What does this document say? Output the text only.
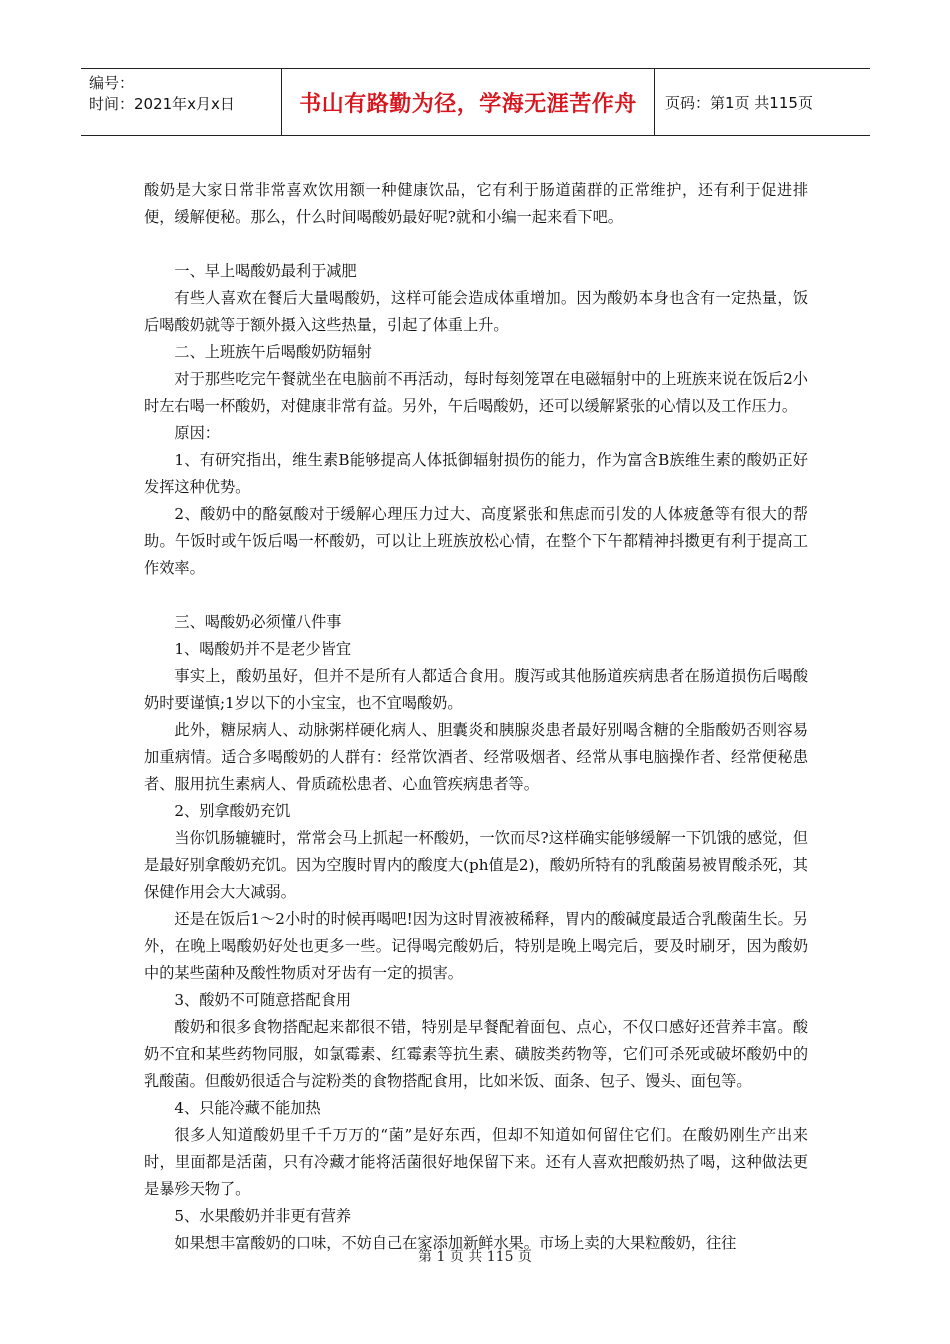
编号：
时间：2021年x月x日	书山有路勤为径，学海无涯苦作舟	页码：第1页 共115页

酸奶是大家日常非常喜欢饮用额一种健康饮品，它有利于肠道菌群的正常维护，还有利于促进排便，缓解便秘。那么，什么时间喝酸奶最好呢?就和小编一起来看下吧。

一、早上喝酸奶最利于减肥

有些人喜欢在餐后大量喝酸奶，这样可能会造成体重增加。因为酸奶本身也含有一定热量，饭后喝酸奶就等于额外摄入这些热量，引起了体重上升。

二、上班族午后喝酸奶防辐射

对于那些吃完午餐就坐在电脑前不再活动，每时每刻笼罩在电磁辐射中的上班族来说在饭后2小时左右喝一杯酸奶，对健康非常有益。另外，午后喝酸奶，还可以缓解紧张的心情以及工作压力。

原因：

1、有研究指出，维生素B能够提高人体抵御辐射损伤的能力，作为富含B族维生素的酸奶正好发挥这种优势。

2、酸奶中的酪氨酸对于缓解心理压力过大、高度紧张和焦虑而引发的人体疲惫等有很大的帮助。午饭时或午饭后喝一杯酸奶，可以让上班族放松心情，在整个下午都精神抖擞更有利于提高工作效率。

三、喝酸奶必须懂八件事

1、喝酸奶并不是老少皆宜

事实上，酸奶虽好，但并不是所有人都适合食用。腹泻或其他肠道疾病患者在肠道损伤后喝酸奶时要谨慎;1岁以下的小宝宝，也不宜喝酸奶。

此外，糖尿病人、动脉粥样硬化病人、胆囊炎和胰腺炎患者最好别喝含糖的全脂酸奶否则容易加重病情。适合多喝酸奶的人群有：经常饮酒者、经常吸烟者、经常从事电脑操作者、经常便秘患者、服用抗生素病人、骨质疏松患者、心血管疾病患者等。

2、别拿酸奶充饥

当你饥肠辘辘时，常常会马上抓起一杯酸奶，一饮而尽?这样确实能够缓解一下饥饿的感觉，但是最好别拿酸奶充饥。因为空腹时胃内的酸度大(ph值是2)，酸奶所特有的乳酸菌易被胃酸杀死，其保健作用会大大减弱。

还是在饭后1～2小时的时候再喝吧!因为这时胃液被稀释，胃内的酸碱度最适合乳酸菌生长。另外，在晚上喝酸奶好处也更多一些。记得喝完酸奶后，特别是晚上喝完后，要及时刷牙，因为酸奶中的某些菌种及酸性物质对牙齿有一定的损害。

3、酸奶不可随意搭配食用

酸奶和很多食物搭配起来都很不错，特别是早餐配着面包、点心，不仅口感好还营养丰富。酸奶不宜和某些药物同服，如氯霉素、红霉素等抗生素、磺胺类药物等，它们可杀死或破坏酸奶中的乳酸菌。但酸奶很适合与淀粉类的食物搭配食用，比如米饭、面条、包子、馒头、面包等。

4、只能冷藏不能加热

很多人知道酸奶里千千万万的“菌”是好东西，但却不知道如何留住它们。在酸奶刚生产出来时，里面都是活菌，只有冷藏才能将活菌很好地保留下来。还有人喜欢把酸奶热了喝，这种做法更是暴殄天物了。

5、水果酸奶并非更有营养

如果想丰富酸奶的口味，不妨自己在家添加新鲜水果。市场上卖的大果粒酸奶，往往

第 1 页 共 115 页
